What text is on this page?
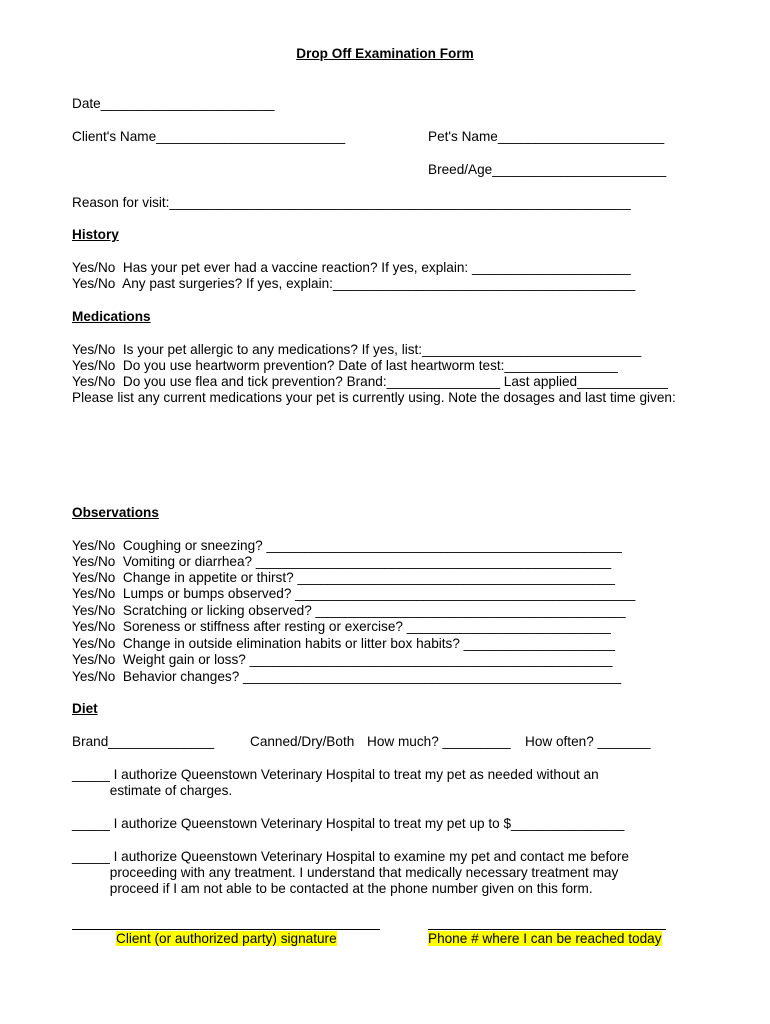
Drop Off Examination Form
Date_______________________
Client's Name_________________________	Pet's Name______________________
Breed/Age_______________________
Reason for visit:_____________________________________________________________
History
Yes/No  Has your pet ever had a vaccine reaction? If yes, explain: _____________________
Yes/No  Any past surgeries? If yes, explain:________________________________________
Medications
Yes/No  Is your pet allergic to any medications? If yes, list:_____________________________
Yes/No  Do you use heartworm prevention? Date of last heartworm test:_______________
Yes/No  Do you use flea and tick prevention? Brand:_______________ Last applied____________
Please list any current medications your pet is currently using. Note the dosages and last time given:
Observations
Yes/No  Coughing or sneezing? _______________________________________________
Yes/No  Vomiting or diarrhea? _______________________________________________
Yes/No  Change in appetite or thirst? __________________________________________
Yes/No  Lumps or bumps observed? _____________________________________________
Yes/No  Scratching or licking observed? _________________________________________
Yes/No  Soreness or stiffness after resting or exercise? ___________________________
Yes/No  Change in outside elimination habits or litter box habits? ____________________
Yes/No  Weight gain or loss? ________________________________________________
Yes/No  Behavior changes? __________________________________________________
Diet
Brand______________	Canned/Dry/Both How much? _________ How often? _______
_____ I authorize Queenstown Veterinary Hospital to treat my pet as needed without an
estimate of charges.
_____ I authorize Queenstown Veterinary Hospital to treat my pet up to $_______________
_____ I authorize Queenstown Veterinary Hospital to examine my pet and contact me before
proceeding with any treatment. I understand that medically necessary treatment may
proceed if I am not able to be contacted at the phone number given on this form.
Client (or authorized party) signature	Phone # where I can be reached today
